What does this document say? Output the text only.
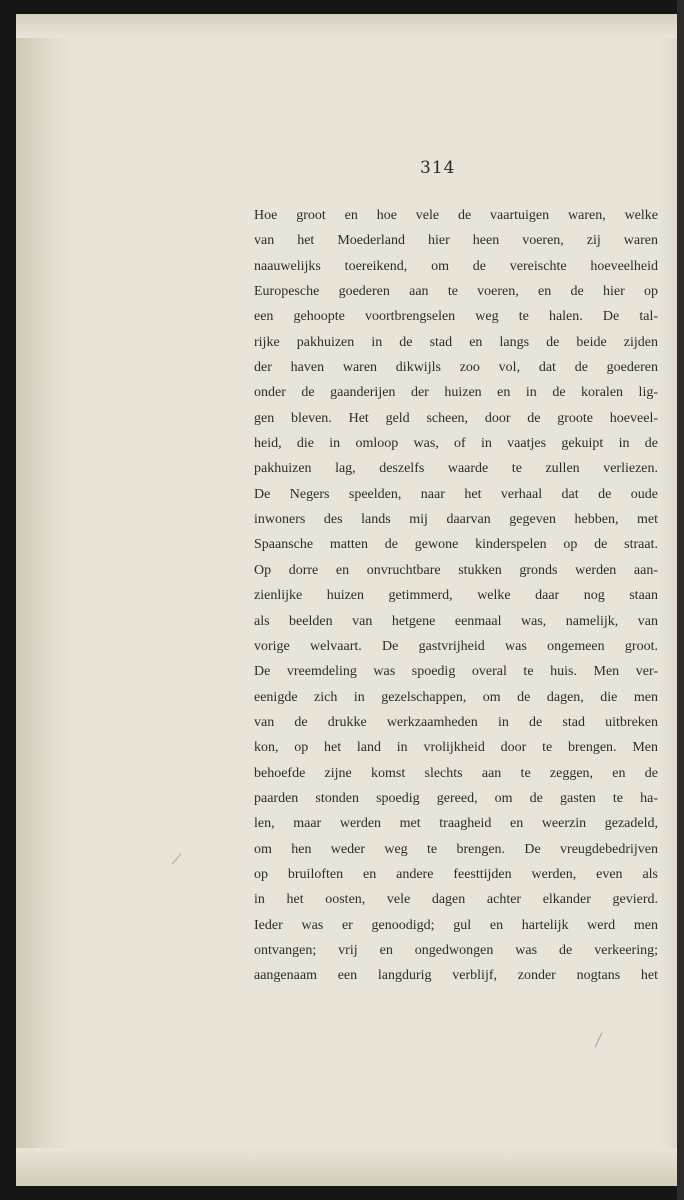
314
Hoe groot en hoe vele de vaartuigen waren, welke
van het Moederland hier heen voeren, zij waren
naauwelijks toereikend, om de vereischte hoeveelheid
Europesche goederen aan te voeren, en de hier op
een gehoopte voortbrengselen weg te halen. De tal-
rijke pakhuizen in de stad en langs de beide zijden
der haven waren dikwijls zoo vol, dat de goederen
onder de gaanderijen der huizen en in de koralen lig-
gen bleven. Het geld scheen, door de groote hoeveel-
heid, die in omloop was, of in vaatjes gekuipt in de
pakhuizen lag, deszelfs waarde te zullen verliezen.
De Negers speelden, naar het verhaal dat de oude
inwoners des lands mij daarvan gegeven hebben, met
Spaansche matten de gewone kinderspelen op de straat.
Op dorre en onvruchtbare stukken gronds werden aan-
zienlijke huizen getimmerd, welke daar nog staan
als beelden van hetgene eenmaal was, namelijk, van
vorige welvaart. De gastvrijheid was ongemeen groot.
De vreemdeling was spoedig overal te huis. Men ver-
eenigde zich in gezelschappen, om de dagen, die men
van de drukke werkzaamheden in de stad uitbreken
kon, op het land in vrolijkheid door te brengen. Men
behoefde zijne komst slechts aan te zeggen, en de
paarden stonden spoedig gereed, om de gasten te ha-
len, maar werden met traagheid en weerzin gezadeld,
om hen weder weg te brengen. De vreugdebedrijven
op bruiloften en andere feesttijden werden, even als
in het oosten, vele dagen achter elkander gevierd.
Ieder was er genoodigd; gul en hartelijk werd men
ontvangen; vrij en ongedwongen was de verkeering;
aangenaam een langdurig verblijf, zonder nogtans het
